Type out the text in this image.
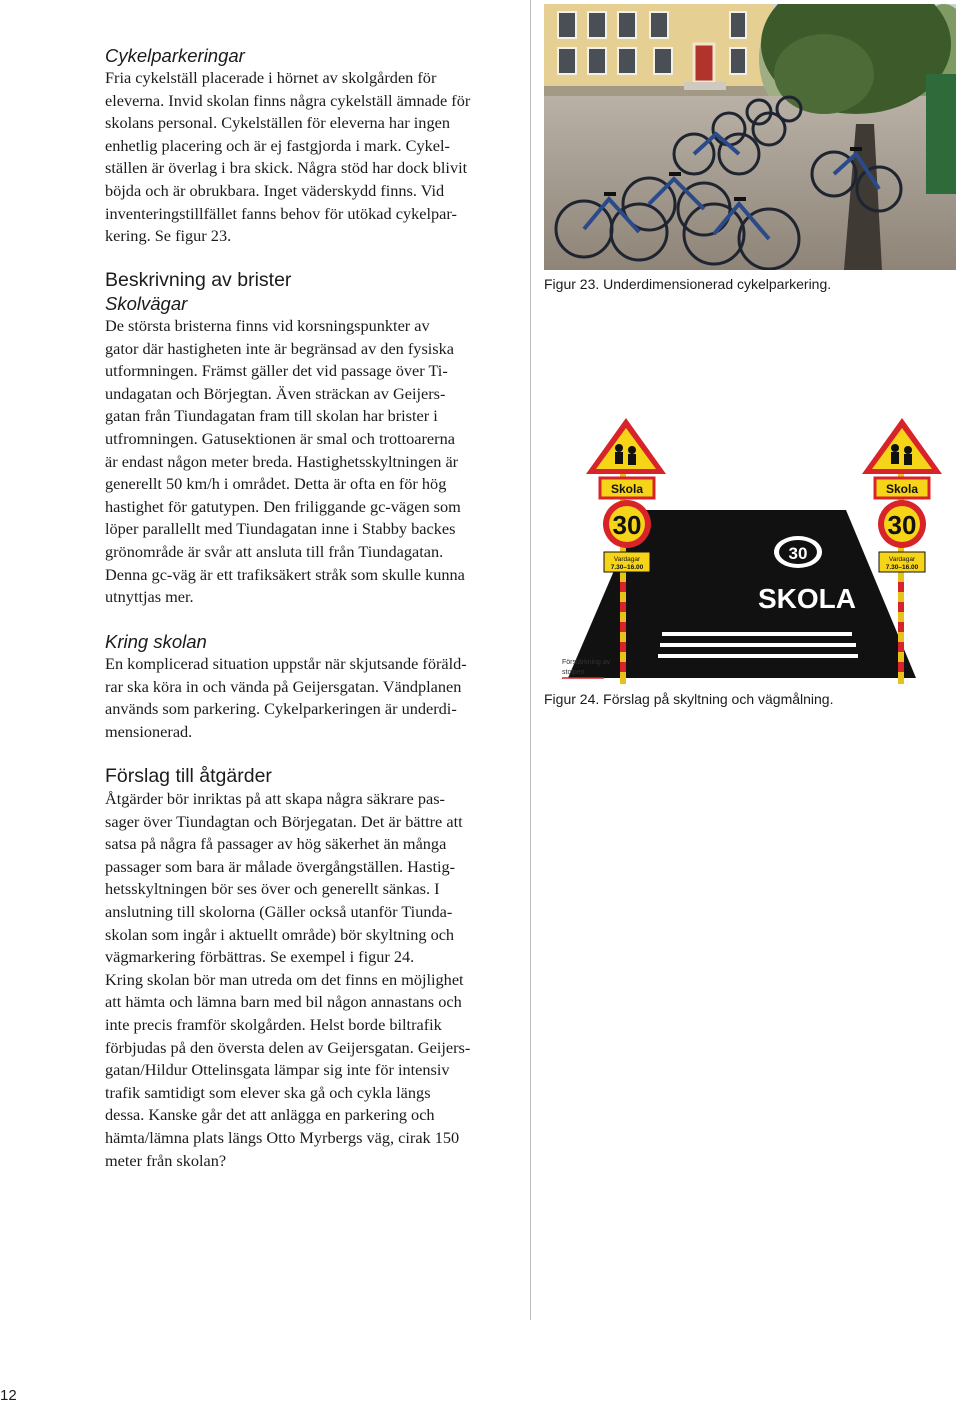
Cykelparkeringar

Fria cykelställ placerade i hörnet av skolgården för
eleverna. Invid skolan finns några cykelställ ämnade för
skolans personal. Cykelställen för eleverna har ingen
enhetlig placering och är ej fastgjorda i mark. Cykel-
ställen är överlag i bra skick. Några stöd har dock blivit
böjda och är obrukbara. Inget väderskydd finns. Vid
inventeringstillfället fanns behov för utökad cykelpar-
kering. Se figur 23.

Beskrivning av brister

Skolvägar

De största bristerna finns vid korsningspunkter av
gator där hastigheten inte är begränsad av den fysiska
utformningen. Främst gäller det vid passage över Ti-
undagatan och Börjegtan. Även sträckan av Geijers-
gatan från Tiundagatan fram till skolan har brister i
utfromningen. Gatusektionen är smal och trottoarerna
är endast någon meter breda. Hastighetsskyltningen är
generellt 50 km/h i området. Detta är ofta en för hög
hastighet för gatutypen. Den friliggande gc-vägen som
löper parallellt med Tiundagatan inne i Stabby backes
grönområde är svår att ansluta till från Tiundagatan.
Denna gc-väg är ett trafiksäkert stråk som skulle kunna
utnyttjas mer.

Kring skolan

En komplicerad situation uppstår när skjutsande föräld-
rar ska köra in och vända på Geijersgatan. Vändplanen
används som parkering. Cykelparkeringen är underdi-
mensionerad.

Förslag till åtgärder

Åtgärder bör inriktas på att skapa några säkrare pas-
sager över Tiundagtan och Börjegatan. Det är bättre att
satsa på några få passager av hög säkerhet än många
passager som bara är målade övergångställen. Hastig-
hetsskyltningen bör ses över och generellt sänkas. I
anslutning till skolorna (Gäller också utanför Tiunda-
skolan som ingår i aktuellt område) bör skyltning och
vägmarkering förbättras. Se exempel i figur 24.
Kring skolan bör man utreda om det finns en möjlighet
att hämta och lämna barn med bil någon annastans och
inte precis framför skolgården. Helst borde biltrafik
förbjudas på den översta delen av Geijersgatan. Geijers-
gatan/Hildur Ottelinsgata lämpar sig inte för intensiv
trafik samtidigt som elever ska gå och cykla längs
dessa. Kanske går det att anlägga en parkering och
hämta/lämna plats längs Otto Myrbergs väg, cirak 150
meter från skolan?

Figur 23. Underdimensionerad cykelparkering.
30
SKOLA
Skola
30
Vardagar
7.30–16.00
Skola
30
Vardagar
7.30–16.00
Förstärkning av
stolpen
Figur 24. Förslag på skyltning och vägmålning.
12
